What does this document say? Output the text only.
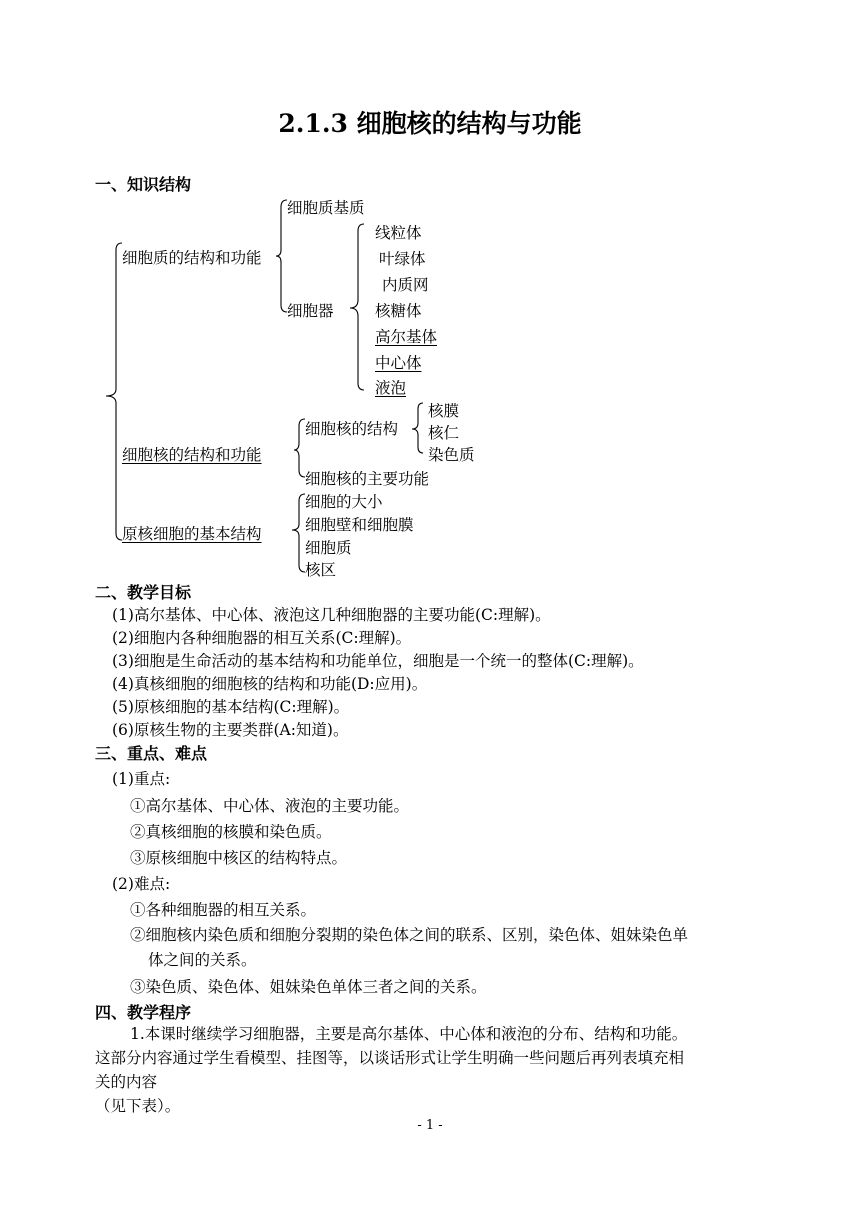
2.1.3 细胞核的结构与功能
一、知识结构
细胞质的结构和功能
细胞质基质
细胞器
线粒体
叶绿体
内质网
核糖体
高尔基体
中心体
液泡
细胞核的结构和功能
细胞核的结构
核膜
核仁
染色质
细胞核的主要功能
原核细胞的基本结构
细胞的大小
细胞壁和细胞膜
细胞质
核区
二、教学目标
(1)高尔基体、中心体、液泡这几种细胞器的主要功能(C:理解)。
(2)细胞内各种细胞器的相互关系(C:理解)。
(3)细胞是生命活动的基本结构和功能单位，细胞是一个统一的整体(C:理解)。
(4)真核细胞的细胞核的结构和功能(D:应用)。
(5)原核细胞的基本结构(C:理解)。
(6)原核生物的主要类群(A:知道)。
三、重点、难点
(1)重点:
①高尔基体、中心体、液泡的主要功能。
②真核细胞的核膜和染色质。
③原核细胞中核区的结构特点。
(2)难点:
①各种细胞器的相互关系。
②细胞核内染色质和细胞分裂期的染色体之间的联系、区别，染色体、姐妹染色单
体之间的关系。
③染色质、染色体、姐妹染色单体三者之间的关系。
四、教学程序
1.本课时继续学习细胞器，主要是高尔基体、中心体和液泡的分布、结构和功能。
这部分内容通过学生看模型、挂图等，以谈话形式让学生明确一些问题后再列表填充相
关的内容
（见下表）。
- 1 -
